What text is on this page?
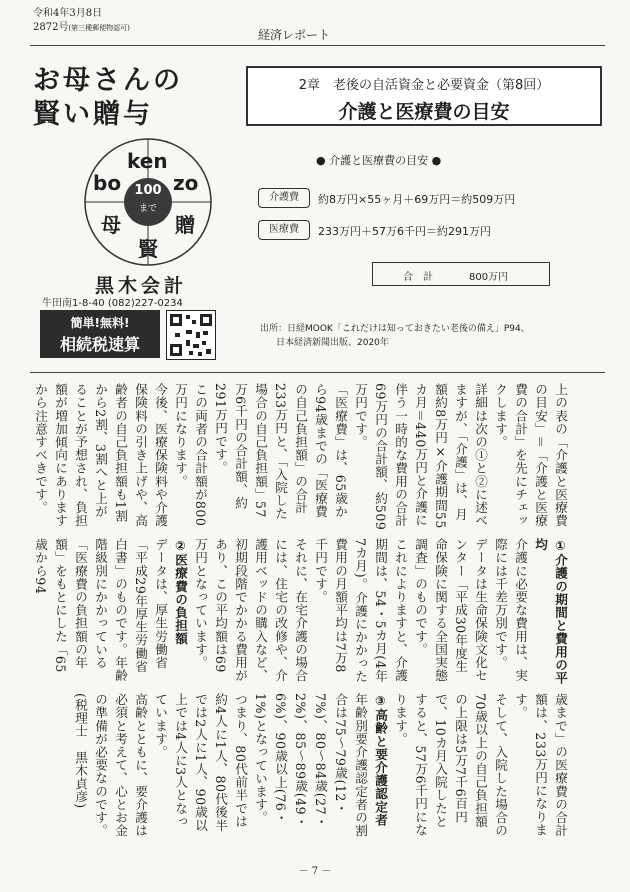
令和4年3月8日
2872号(第三種郵便物認可)	経済レポート
お母さんの
賢い贈与
ken
bo	zo
100
まで
母	贈
賢
黒木会計
牛田南1-8-40 (082)227-0234
簡単!無料!
相続税速算
2章　老後の自活資金と必要資金（第8回）
介護と医療費の目安
● 介護と医療費の目安 ●
介護費	約8万円×55ヶ月＋69万円＝約509万円
医療費	233万円＋57万6千円＝約291万円
合　計	800万円
出所：日経MOOK「これだけは知っておきたい老後の備え」P94、
日本経済新聞出版、2020年

上の表の「介護と医療費の目安」＝「介護と医療費の合計」を先にチェックします。

詳細は次の①と②に述べますが、「介護」は、月額約8万円×介護期間55カ月＝440万円と介護に伴う一時的な費用の合計69万円の合計額、約509万円です。

「医療費」は、65歳から94歳までの「医療費の自己負担額」の合計233万円と、「入院した場合の自己負担額」57万6千円の合計額、約291万円です。

この両者の合計額が800万円になります。

今後、医療保険料や介護保険料の引き上げや、高齢者の自己負担額も1割から2割、3割へと上がることが予想され、負担額が増加傾向にありますから注意すべきです。

①介護の期間と費用の平均

介護に必要な費用は、実際には千差万別です。

データは生命保険文化センター「平成30年度生命保険に関する全国実態調査」のものです。

これによりますと、介護期間は、54・5カ月(4年7カ月)。介護にかかった費用の月額平均は7万8千円です。

それに、在宅介護の場合には、住宅の改修や、介護用ベッドの購入など、初期段階でかかる費用があり、この平均額は69万円となっています。

②医療費の負担額

データは、厚生労働省「平成29年厚生労働省白書」のものです。年齢階級別にかかっている「医療費の負担額の年額」をもとにした「65歳から94

歳まで」の医療費の合計額は、233万円になります。

そして、入院した場合の70歳以上の自己負担額の上限は5万7千6百円で、10カ月入院したとすると、57万6千円になります。

③高齢と要介護認定者

年齢別要介護認定者の割合は75～79歳(12・7%)、80～84歳(27・2%)、85～89歳(49・6%)、90歳以上(76・1%)となっています。

つまり、80代前半では約4人に1人、80代後半では2人に1人、90歳以上では4人に3人となっています。

高齢とともに、要介護は必須と考えて、心とお金の準備が必要なのです。

(税理士　黒木貞彦)

－ 7 －
